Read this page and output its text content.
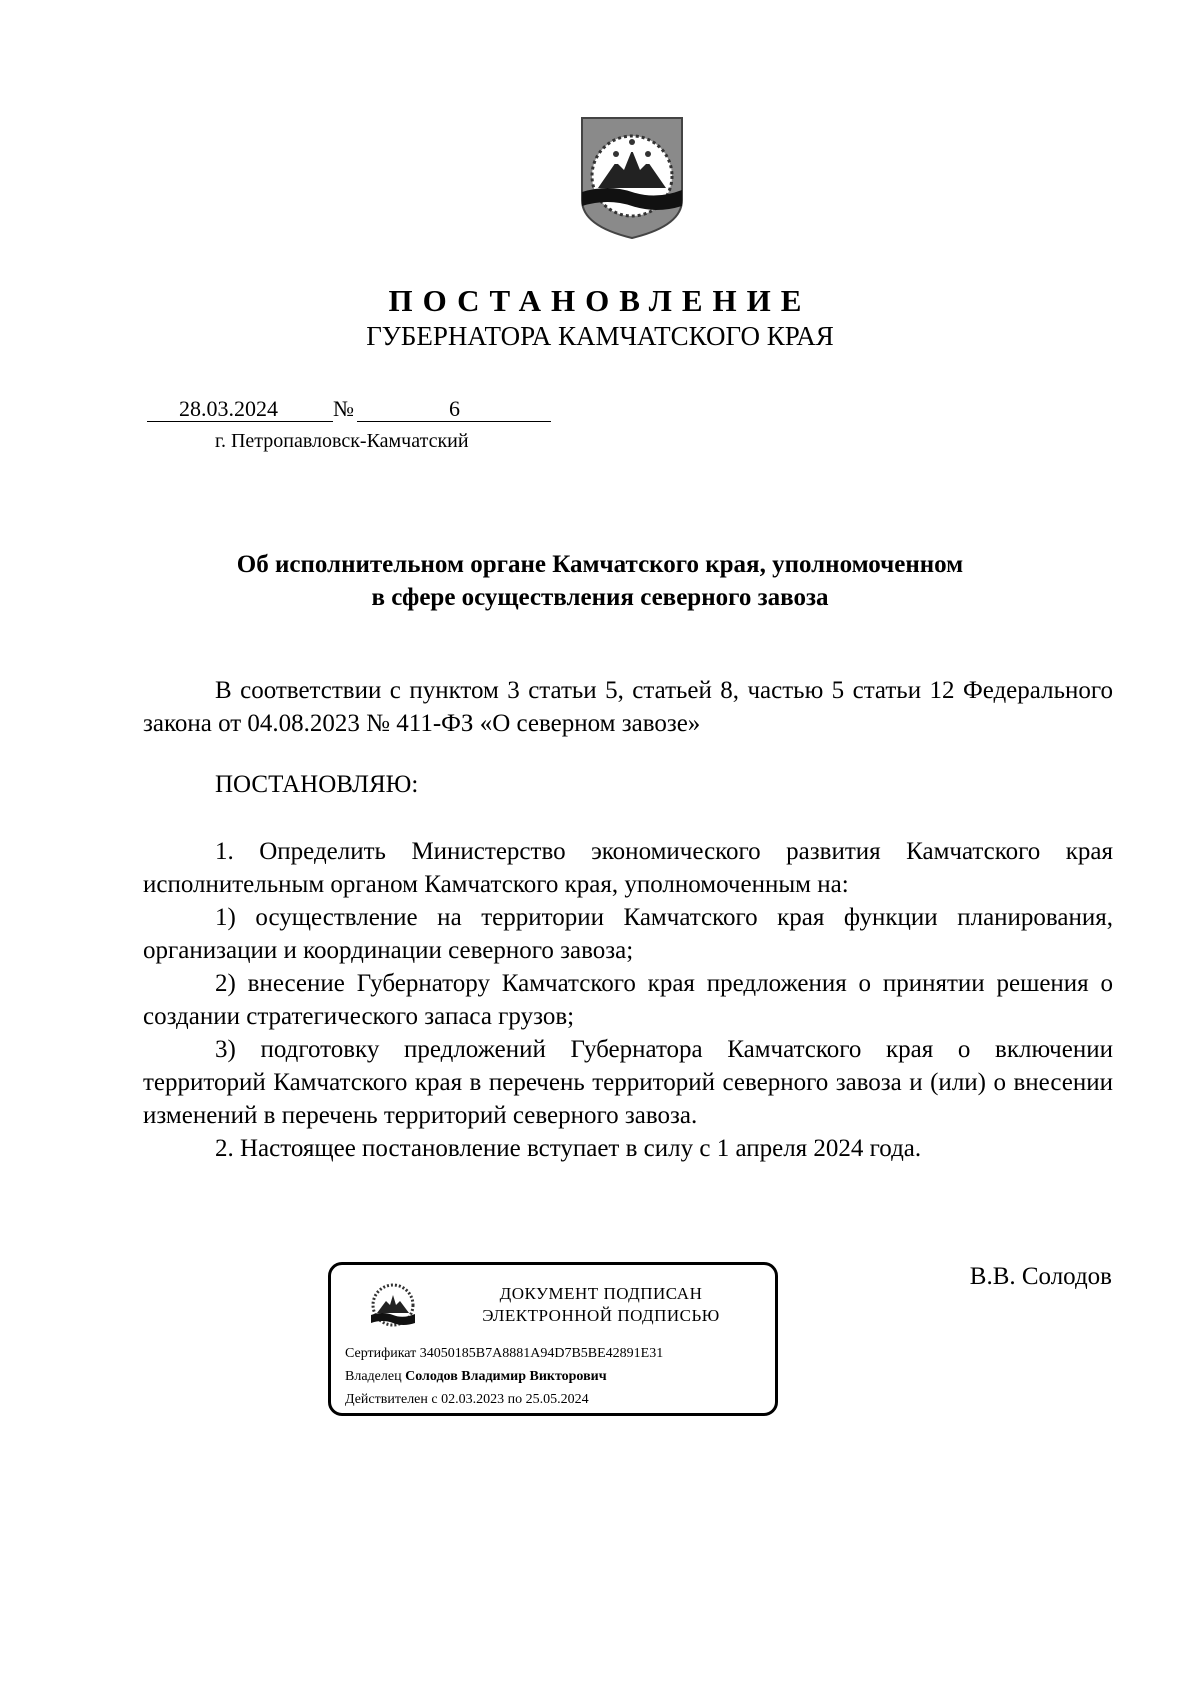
ПОСТАНОВЛЕНИЕ
ГУБЕРНАТОРА КАМЧАТСКОГО КРАЯ
28.03.2024	№	6
г. Петропавловск-Камчатский
Об исполнительном органе Камчатского края, уполномоченном
в сфере осуществления северного завоза

В соответствии с пунктом 3 статьи 5, статьей 8, частью 5 статьи 12 Федерального закона от 04.08.2023 № 411-ФЗ «О северном завозе»

ПОСТАНОВЛЯЮ:

1. Определить Министерство экономического развития Камчатского края исполнительным органом Камчатского края, уполномоченным на:

1) осуществление на территории Камчатского края функции планирования, организации и координации северного завоза;

2) внесение Губернатору Камчатского края предложения о принятии решения о создании стратегического запаса грузов;

3) подготовку предложений Губернатора Камчатского края о включении территорий Камчатского края в перечень территорий северного завоза и (или) о внесении изменений в перечень территорий северного завоза.

2. Настоящее постановление вступает в силу с 1 апреля 2024 года.

ДОКУМЕНТ ПОДПИСАН
ЭЛЕКТРОННОЙ ПОДПИСЬЮ
Сертификат 34050185B7A8881A94D7B5BE42891E31
Владелец Солодов Владимир Викторович
Действителен с 02.03.2023 по 25.05.2024
В.В. Солодов
